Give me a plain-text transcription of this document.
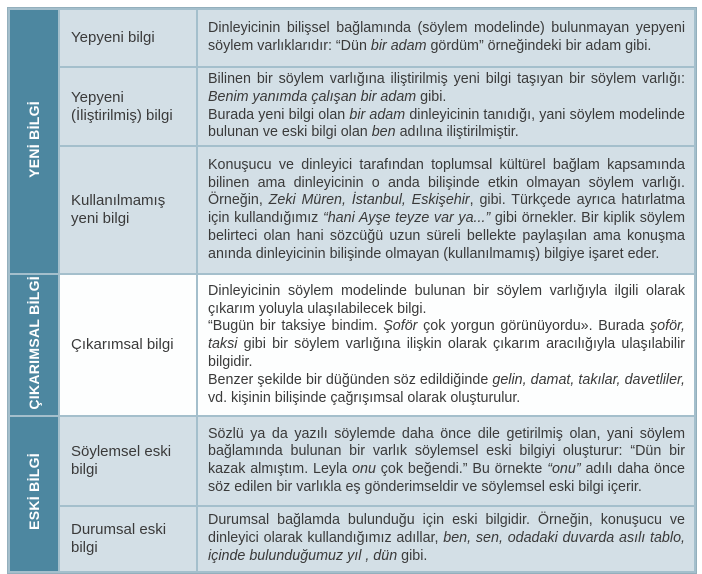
YENİ BİLGİ	Yepyeni bilgi	Dinleyicinin bilişsel bağlamında (söylem modelinde) bulunmayan yepyeni söylem varlıklarıdır: “Dün bir adam gördüm” örneğindeki bir adam gibi.

	Yepyeni (İliştirilmiş) bilgi	Bilinen bir söylem varlığına iliştirilmiş yeni bilgi taşıyan bir söylem varlığı: Benim yanımda çalışan bir adam gibi.
Burada yeni bilgi olan bir adam dinleyicinin tanıdığı, yani söylem modelinde bulunan ve eski bilgi olan ben adılına iliştirilmiştir.

	Kullanılmamış yeni bilgi	Konuşucu ve dinleyici tarafından toplumsal kültürel bağlam kapsamında bilinen ama dinleyicinin o anda bilişinde etkin olmayan söylem varlığı. Örneğin, Zeki Müren, İstanbul, Eskişehir, gibi. Türkçede ayrıca hatırlatma için kullandığımız “hani Ayşe teyze var ya...” gibi örnekler. Bir kiplik söylem belirteci olan hani sözcüğü uzun süreli bellekte paylaşılan ama konuşma anında dinleyicinin bilişinde olmayan (kullanılmamış) bilgiye işaret eder.

ÇIKARIMSAL BİLGİ	Çıkarımsal bilgi	Dinleyicinin söylem modelinde bulunan bir söylem varlığıyla ilgili olarak çıkarım yoluyla ulaşılabilecek bilgi.
“Bugün bir taksiye bindim. Şoför çok yorgun görünüyordu». Burada şoför, taksi gibi bir söylem varlığına ilişkin olarak çıkarım aracılığıyla ulaşılabilir bilgidir.
Benzer şekilde bir düğünden söz edildiğinde gelin, damat, takılar, davetliler, vd. kişinin bilişinde çağrışımsal olarak oluşturulur.

ESKİ BİLGİ	Söylemsel eski bilgi	Sözlü ya da yazılı söylemde daha önce dile getirilmiş olan, yani söylem bağlamında bulunan bir varlık söylemsel eski bilgiyi oluşturur: “Dün bir kazak almıştım. Leyla onu çok beğendi.” Bu örnekte “onu” adılı daha önce söz edilen bir varlıkla eş gönderimseldir ve söylemsel eski bilgi içerir.

	Durumsal eski bilgi	Durumsal bağlamda bulunduğu için eski bilgidir. Örneğin, konuşucu ve dinleyici olarak kullandığımız adıllar, ben, sen, odadaki duvarda asılı tablo, içinde bulunduğumuz yıl , dün gibi.
